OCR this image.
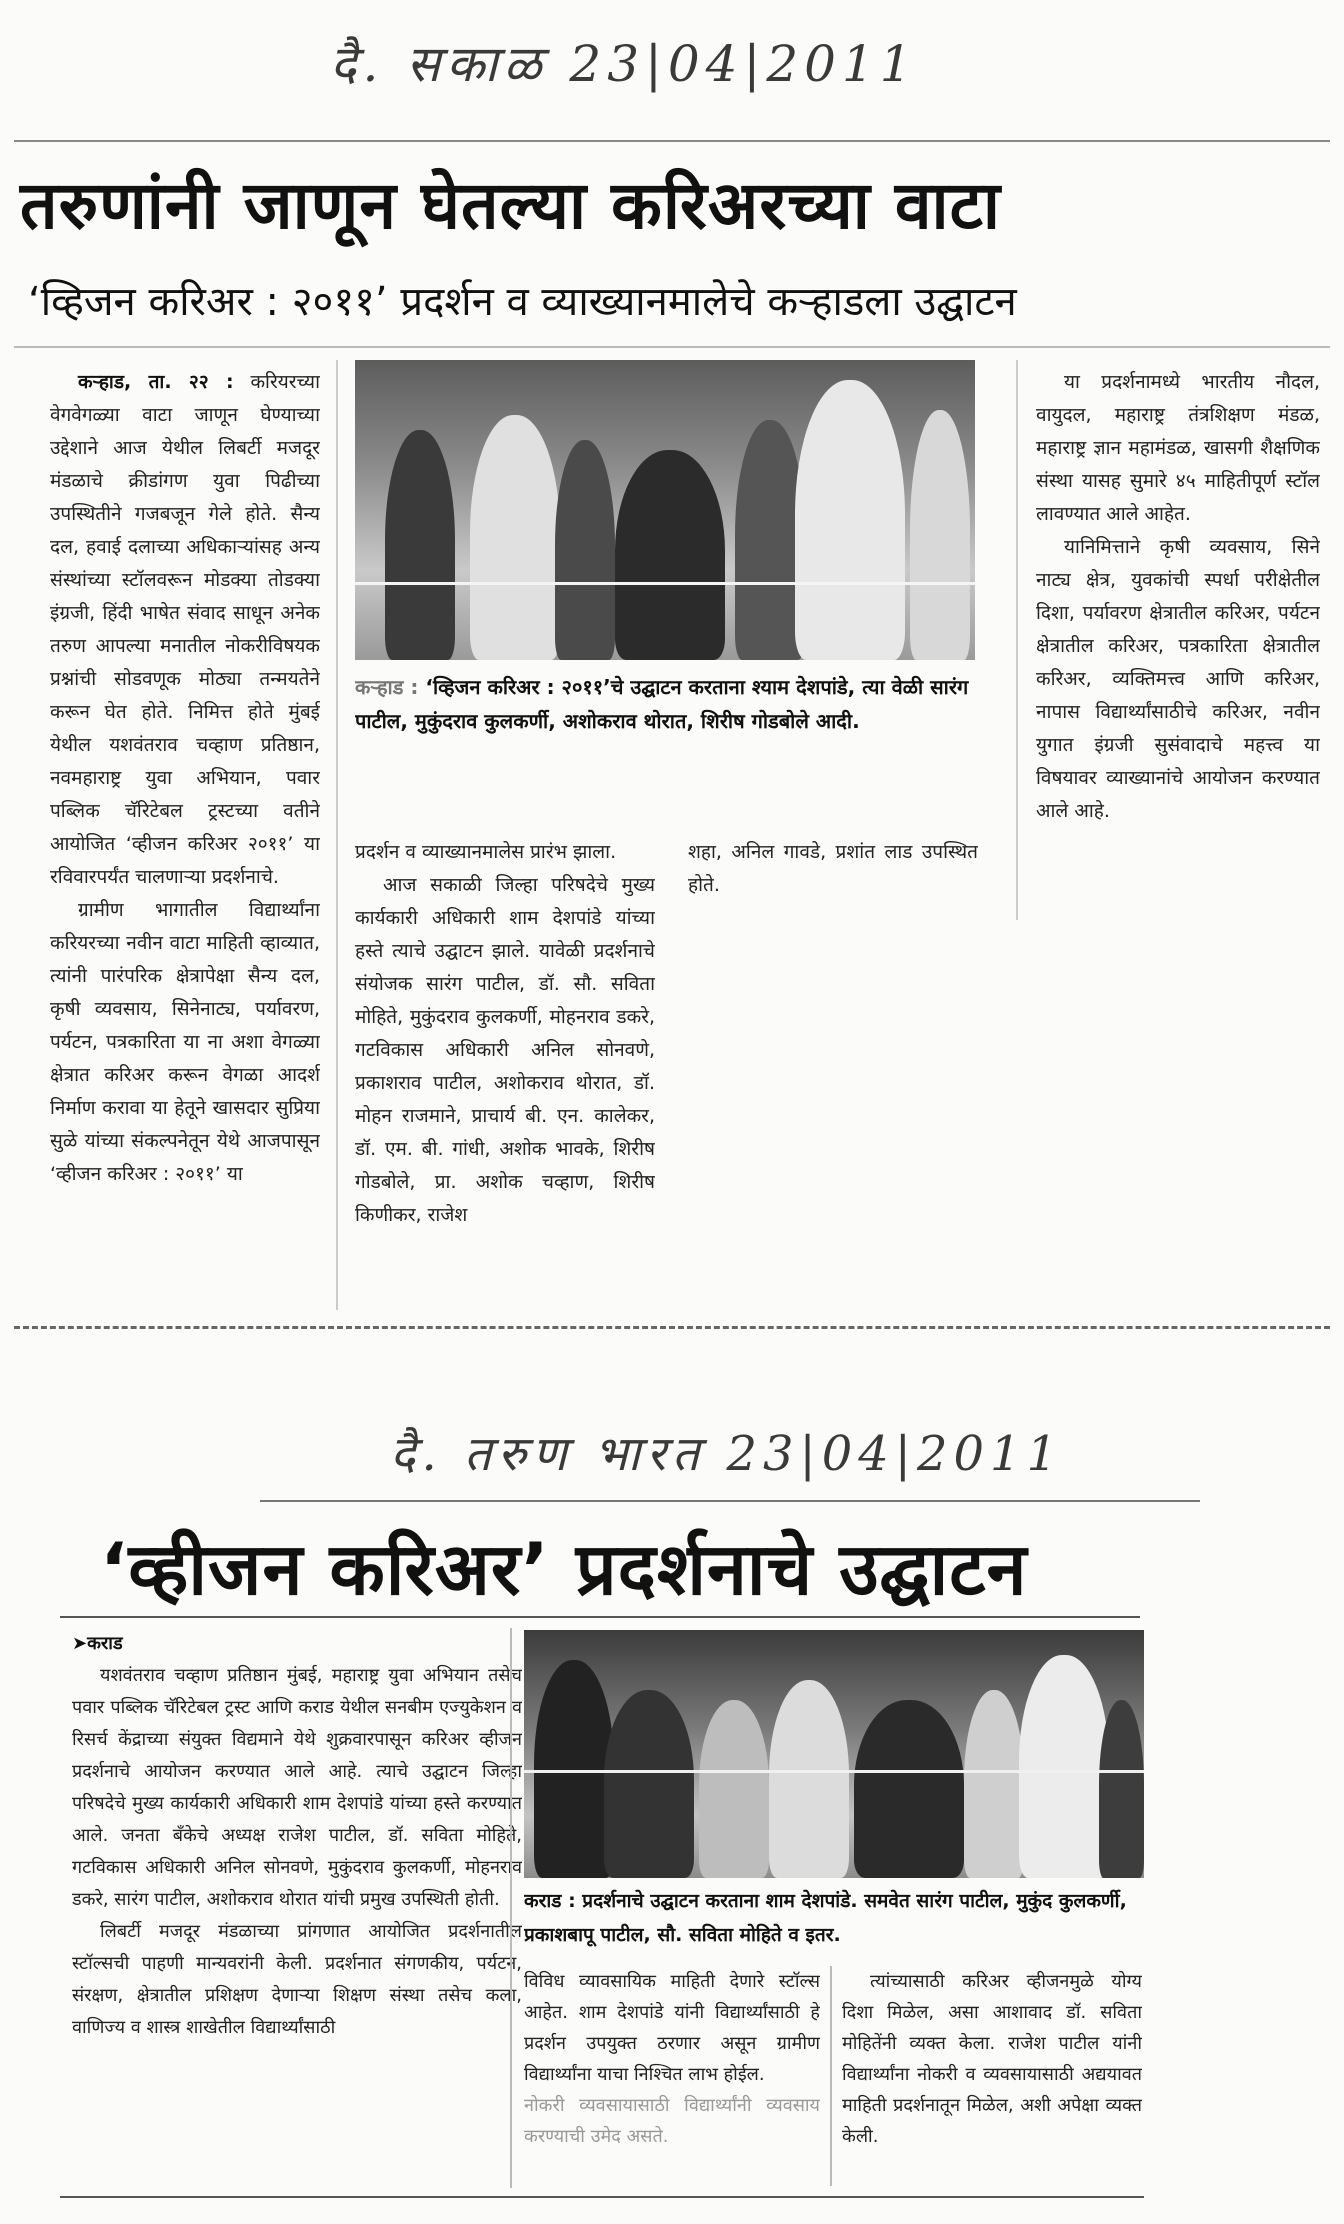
दै. सकाळ 23|04|2011
तरुणांनी जाणून घेतल्या करिअरच्या वाटा
‘व्हिजन करिअर : २०११’ प्रदर्शन व व्याख्यानमालेचे कऱ्हाडला उद्घाटन

कऱ्हाड, ता. २२ : करियरच्या वेगवेगळ्या वाटा जाणून घेण्याच्या उद्देशाने आज येथील लिबर्टी मजदूर मंडळाचे क्रीडांगण युवा पिढीच्या उपस्थितीने गजबजून गेले होते. सैन्य दल, हवाई दलाच्या अधिकाऱ्यांसह अन्य संस्थांच्या स्टॉलवरून मोडक्या तोडक्या इंग्रजी, हिंदी भाषेत संवाद साधून अनेक तरुण आपल्या मनातील नोकरीविषयक प्रश्नांची सोडवणूक मोठ्या तन्मयतेने करून घेत होते. निमित्त होते मुंबई येथील यशवंतराव चव्हाण प्रतिष्ठान, नवमहाराष्ट्र युवा अभियान, पवार पब्लिक चॅरिटेबल ट्रस्टच्या वतीने आयोजित ‘व्हीजन करिअर २०११’ या रविवारपर्यंत चालणाऱ्या प्रदर्शनाचे.

ग्रामीण भागातील विद्यार्थ्यांना करियरच्या नवीन वाटा माहिती व्हाव्यात, त्यांनी पारंपरिक क्षेत्रापेक्षा सैन्य दल, कृषी व्यवसाय, सिनेनाट्य, पर्यावरण, पर्यटन, पत्रकारिता या ना अशा वेगळ्या क्षेत्रात करिअर करून वेगळा आदर्श निर्माण करावा या हेतूने खासदार सुप्रिया सुळे यांच्या संकल्पनेतून येथे आजपासून ‘व्हीजन करिअर : २०११’ या

कऱ्हाड : ‘व्हिजन करिअर : २०११’चे उद्घाटन करताना श्याम देशपांडे, त्या वेळी सारंग पाटील, मुकुंदराव कुलकर्णी, अशोकराव थोरात, शिरीष गोडबोले आदी.

प्रदर्शन व व्याख्यानमालेस प्रारंभ झाला.

आज सकाळी जिल्हा परिषदेचे मुख्य कार्यकारी अधिकारी शाम देशपांडे यांच्या हस्ते त्याचे उद्घाटन झाले. यावेळी प्रदर्शनाचे संयोजक सारंग पाटील, डॉ. सौ. सविता मोहिते, मुकुंदराव कुलकर्णी, मोहनराव डकरे, गटविकास अधिकारी अनिल सोनवणे, प्रकाशराव पाटील, अशोकराव थोरात, डॉ. मोहन राजमाने, प्राचार्य बी. एन. कालेकर, डॉ. एम. बी. गांधी, अशोक भावके, शिरीष गोडबोले, प्रा. अशोक चव्हाण, शिरीष किणीकर, राजेश

शहा, अनिल गावडे, प्रशांत लाड उपस्थित होते.

या प्रदर्शनामध्ये भारतीय नौदल, वायुदल, महाराष्ट्र तंत्रशिक्षण मंडळ, महाराष्ट्र ज्ञान महामंडळ, खासगी शैक्षणिक संस्था यासह सुमारे ४५ माहितीपूर्ण स्टॉल लावण्यात आले आहेत.

यानिमित्ताने कृषी व्यवसाय, सिने नाट्य क्षेत्र, युवकांची स्पर्धा परीक्षेतील दिशा, पर्यावरण क्षेत्रातील करिअर, पर्यटन क्षेत्रातील करिअर, पत्रकारिता क्षेत्रातील करिअर, व्यक्तिमत्त्व आणि करिअर, नापास विद्यार्थ्यांसाठीचे करिअर, नवीन युगात इंग्रजी सुसंवादाचे महत्त्व या विषयावर व्याख्यानांचे आयोजन करण्यात आले आहे.

दै. तरुण भारत 23|04|2011
‘व्हीजन करिअर’ प्रदर्शनाचे उद्घाटन

➤कराड

यशवंतराव चव्हाण प्रतिष्ठान मुंबई, महाराष्ट्र युवा अभियान तसेच पवार पब्लिक चॅरिटेबल ट्रस्ट आणि कराड येथील सनबीम एज्युकेशन व रिसर्च केंद्राच्या संयुक्त विद्यमाने येथे शुक्रवारपासून करिअर व्हीजन प्रदर्शनाचे आयोजन करण्यात आले आहे. त्याचे उद्घाटन जिल्हा परिषदेचे मुख्य कार्यकारी अधिकारी शाम देशपांडे यांच्या हस्ते करण्यात आले. जनता बँकेचे अध्यक्ष राजेश पाटील, डॉ. सविता मोहिते, गटविकास अधिकारी अनिल सोनवणे, मुकुंदराव कुलकर्णी, मोहनराव डकरे, सारंग पाटील, अशोकराव थोरात यांची प्रमुख उपस्थिती होती.

लिबर्टी मजदूर मंडळाच्या प्रांगणात आयोजित प्रदर्शनातील स्टॉल्सची पाहणी मान्यवरांनी केली. प्रदर्शनात संगणकीय, पर्यटन, संरक्षण, क्षेत्रातील प्रशिक्षण देणाऱ्या शिक्षण संस्था तसेच कला, वाणिज्य व शास्त्र शाखेतील विद्यार्थ्यांसाठी

कराड : प्रदर्शनाचे उद्घाटन करताना शाम देशपांडे. समवेत सारंग पाटील, मुकुंद कुलकर्णी, प्रकाशबापू पाटील, सौ. सविता मोहिते व इतर.

विविध व्यावसायिक माहिती देणारे स्टॉल्स आहेत. शाम देशपांडे यांनी विद्यार्थ्यांसाठी हे प्रदर्शन उपयुक्त ठरणार असून ग्रामीण विद्यार्थ्यांना याचा निश्चित लाभ होईल.

नोकरी व्यवसायासाठी विद्यार्थ्यांनी व्यवसाय करण्याची उमेद असते.

त्यांच्यासाठी करिअर व्हीजनमुळे योग्य दिशा मिळेल, असा आशावाद डॉ. सविता मोहितेंनी व्यक्त केला. राजेश पाटील यांनी विद्यार्थ्यांना नोकरी व व्यवसायासाठी अद्ययावत माहिती प्रदर्शनातून मिळेल, अशी अपेक्षा व्यक्त केली.
